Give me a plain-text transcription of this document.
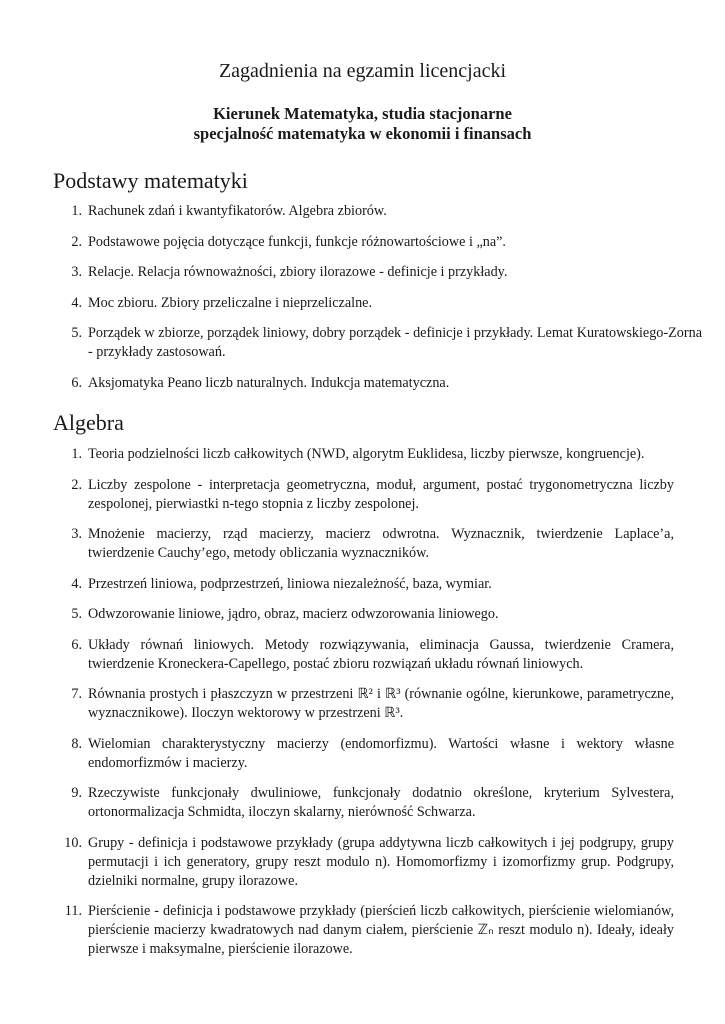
Zagadnienia na egzamin licencjacki
Kierunek Matematyka, studia stacjonarne
specjalność matematyka w ekonomii i finansach
Podstawy matematyki
1. Rachunek zdań i kwantyfikatorów. Algebra zbiorów.
2. Podstawowe pojęcia dotyczące funkcji, funkcje różnowartościowe i „na”.
3. Relacje. Relacja równoważności, zbiory ilorazowe - definicje i przykłady.
4. Moc zbioru. Zbiory przeliczalne i nieprzeliczalne.
5. Porządek w zbiorze, porządek liniowy, dobry porządek - definicje i przykłady. Lemat Kuratowskiego-Zorna - przykłady zastosowań.
6. Aksjomatyka Peano liczb naturalnych. Indukcja matematyczna.
Algebra
1. Teoria podzielności liczb całkowitych (NWD, algorytm Euklidesa, liczby pierwsze, kongruencje).
2. Liczby zespolone - interpretacja geometryczna, moduł, argument, postać trygonometryczna liczby zespolonej, pierwiastki n-tego stopnia z liczby zespolonej.
3. Mnożenie macierzy, rząd macierzy, macierz odwrotna. Wyznacznik, twierdzenie Laplace’a, twierdzenie Cauchy’ego, metody obliczania wyznaczników.
4. Przestrzeń liniowa, podprzestrzeń, liniowa niezależność, baza, wymiar.
5. Odwzorowanie liniowe, jądro, obraz, macierz odwzorowania liniowego.
6. Układy równań liniowych. Metody rozwiązywania, eliminacja Gaussa, twierdzenie Cramera, twierdzenie Kroneckera-Capellego, postać zbioru rozwiązań układu równań liniowych.
7. Równania prostych i płaszczyzn w przestrzeni ℝ² i ℝ³ (równanie ogólne, kierunkowe, parametryczne, wyznacznikowe). Iloczyn wektorowy w przestrzeni ℝ³.
8. Wielomian charakterystyczny macierzy (endomorfizmu). Wartości własne i wektory własne endomorfizmów i macierzy.
9. Rzeczywiste funkcjonały dwuliniowe, funkcjonały dodatnio określone, kryterium Sylvestera, ortonormalizacja Schmidta, iloczyn skalarny, nierówność Schwarza.
10. Grupy - definicja i podstawowe przykłady (grupa addytywna liczb całkowitych i jej podgrupy, grupy permutacji i ich generatory, grupy reszt modulo n). Homomorfizmy i izomorfizmy grup. Podgrupy, dzielniki normalne, grupy ilorazowe.
11. Pierścienie - definicja i podstawowe przykłady (pierścień liczb całkowitych, pierścienie wielomianów, pierścienie macierzy kwadratowych nad danym ciałem, pierścienie ℤₙ reszt modulo n). Ideały, ideały pierwsze i maksymalne, pierścienie ilorazowe.
